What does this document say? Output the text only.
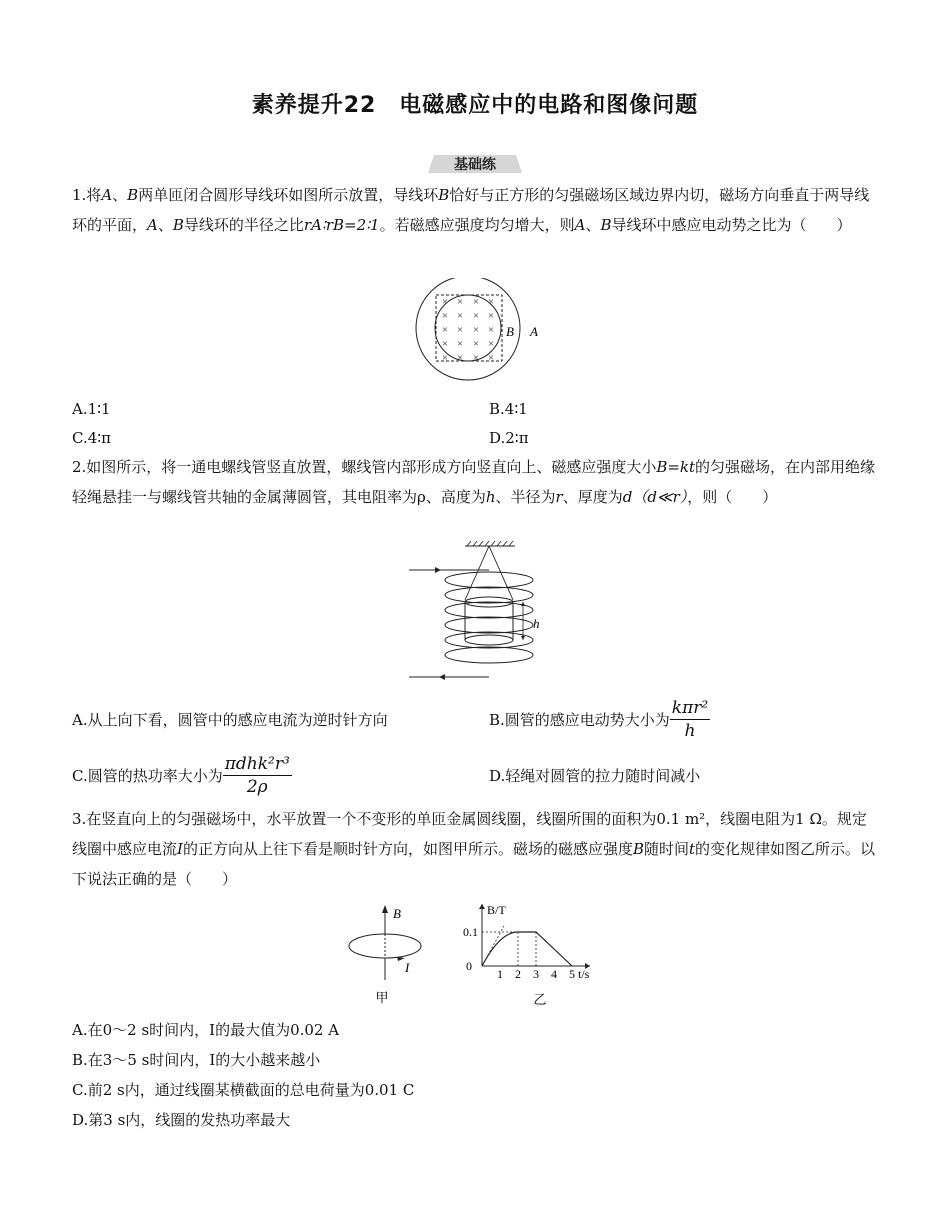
素养提升22　电磁感应中的电路和图像问题
基础练
1.将A、B两单匝闭合圆形导线环如图所示放置，导线环B恰好与正方形的匀强磁场区域边界内切，磁场方向垂直于两导线环的平面，A、B导线环的半径之比rA∶rB=2∶1。若磁感应强度均匀增大，则A、B导线环中感应电动势之比为（　　）
× × × ×
× × × ×
× × × ×
× × × ×
× × × ×
B A
A.1∶1	B.4∶1
C.4∶π	D.2∶π
2.如图所示，将一通电螺线管竖直放置，螺线管内部形成方向竖直向上、磁感应强度大小B=kt的匀强磁场，在内部用绝缘轻绳悬挂一与螺线管共轴的金属薄圆管，其电阻率为ρ、高度为h、半径为r、厚度为d（d≪r），则（　　）
h
A.从上向下看，圆管中的感应电流为逆时针方向	B.圆管的感应电动势大小为 $\frac{\text{kπr²}}{h}$
C.圆管的热功率大小为 $\frac{\text{πdhk²r³}}{2\rho}$	D.轻绳对圆管的拉力随时间减小
3.在竖直向上的匀强磁场中，水平放置一个不变形的单匝金属圆线圈，线圈所围的面积为0.1 m²，线圈电阻为1 Ω。规定线圈中感应电流I的正方向从上往下看是顺时针方向，如图甲所示。磁场的磁感应强度B随时间t的变化规律如图乙所示。以下说法正确的是（　　）
B
I
甲
B/T
t/s
0
0.1
1 2 3 4 5
乙
A.在0～2 s时间内，I的最大值为0.02 A
B.在3～5 s时间内，I的大小越来越小
C.前2 s内，通过线圈某横截面的总电荷量为0.01 C
D.第3 s内，线圈的发热功率最大
